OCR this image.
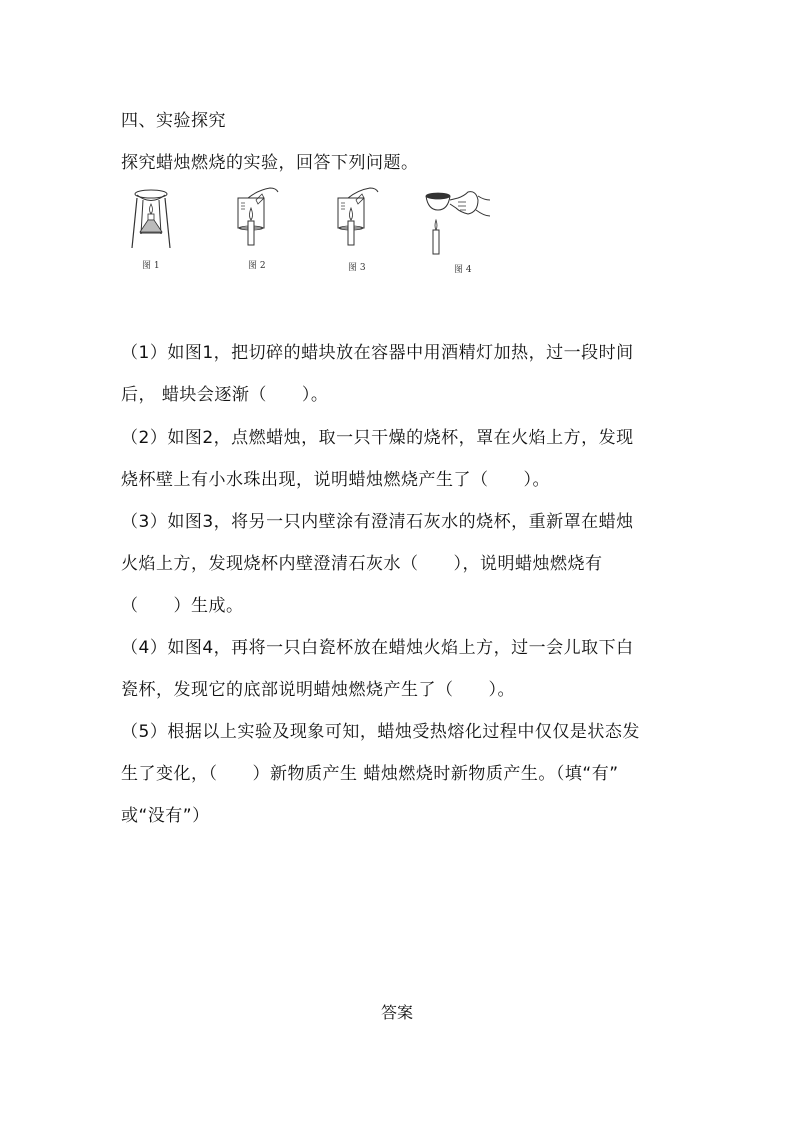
四、实验探究
探究蜡烛燃烧的实验，回答下列问题。
图 1	图 2	图 3	图 4
（1）如图1，把切碎的蜡块放在容器中用酒精灯加热，过一段时间
后， 蜡块会逐渐（　　）。
（2）如图2，点燃蜡烛，取一只干燥的烧杯，罩在火焰上方，发现
烧杯壁上有小水珠出现，说明蜡烛燃烧产生了（　　）。
（3）如图3，将另一只内壁涂有澄清石灰水的烧杯，重新罩在蜡烛
火焰上方，发现烧杯内壁澄清石灰水（　　），说明蜡烛燃烧有
（　　）生成。
（4）如图4，再将一只白瓷杯放在蜡烛火焰上方，过一会儿取下白
瓷杯，发现它的底部说明蜡烛燃烧产生了（　　）。
（5）根据以上实验及现象可知，蜡烛受热熔化过程中仅仅是状态发
生了变化，（　　）新物质产生 蜡烛燃烧时新物质产生。（填“有”
或“没有”）
答案
